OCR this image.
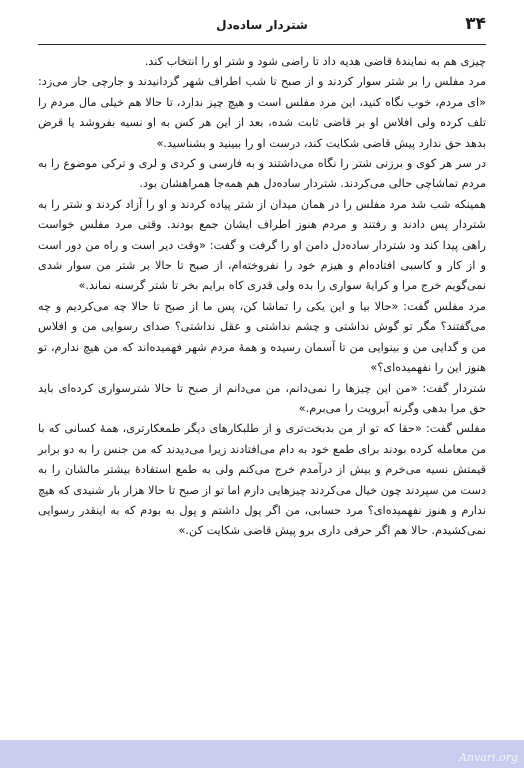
۳۴
شتردار ساده‌دل

چیزی هم به نمایندهٔ قاضی هدیه داد تا راضی شود و شتر او را انتخاب کند.

مرد مفلس را بر شتر سوار کردند و از صبح تا شب اطراف شهر گردانیدند و جارچی جار می‌زد: «ای مردم، خوب نگاه کنید، این مرد مفلس است و هیچ چیز ندارد، تا حالا هم خیلی مال مردم را تلف کرده ولی افلاس او بر قاضی ثابت شده، بعد از این هر کس به او نسیه بفروشد یا قرض بدهد حق ندارد پیش قاضی شکایت کند، درست او را ببینید و بشناسید.»

در سر هر کوی و برزنی شتر را نگاه می‌داشتند و به فارسی و کردی و لری و ترکی موضوع را به مردم تماشاچی حالی می‌کردند. شتردار ساده‌دل هم همه‌جا همراهشان بود.

همینکه شب شد مرد مفلس را در همان میدان از شتر پیاده کردند و او را آزاد کردند و شتر را به شتردار پس دادند و رفتند و مردم هنوز اطراف ایشان جمع بودند. وقتی مرد مفلس خواست راهی پیدا کند ود شتردار ساده‌دل دامن او را گرفت و گفت: «وقت دیر است و راه من دور است و از کار و کاسبی افتاده‌ام و هیزم خود را نفروخته‌ام، از صبح تا حالا بر شتر من سوار شدی نمی‌گویم خرج مرا و کرایهٔ سواری را بده ولی قدری کاه برایم بخر تا شتر گرسنه نماند.»

مرد مفلس گفت: «حالا بیا و این یکی را تماشا کن، پس ما از صبح تا حالا چه می‌کردیم و چه می‌گفتند؟ مگر تو گوش نداشتی و چشم نداشتی و عقل نداشتی؟ صدای رسوایی من و افلاس من و گدایی من و بینوایی من تا آسمان رسیده و همهٔ مردم شهر فهمیده‌اند که من هیچ ندارم، تو هنوز این را نفهمیده‌ای؟»

شتردار گفت: «من این چیزها را نمی‌دانم، من می‌دانم از صبح تا حالا شترسواری کرده‌ای باید حق مرا بدهی وگرنه آبرویت را می‌برم.»

مفلس گفت: «حقا که تو از من بدبخت‌تری و از طلبکارهای دیگر طمعکارتری، همهٔ کسانی که با من معامله کرده بودند برای طمع خود به دام می‌افتادند زیرا می‌دیدند که من جنس را به دو برابر قیمتش نسیه می‌خرم و بیش از درآمدم خرج می‌کنم ولی به طمع استفادهٔ بیشتر مالشان را به دست من سپردند چون خیال می‌کردند چیزهایی دارم اما تو از صبح تا حالا هزار بار شنیدی که هیچ ندارم و هنوز نفهمیده‌ای؟ مرد حسابی، من اگر پول داشتم و پول به بودم که به اینقدر رسوایی نمی‌کشیدم. حالا هم اگر حرفی داری برو پیش قاضی شکایت کن.»

Anvari.org
